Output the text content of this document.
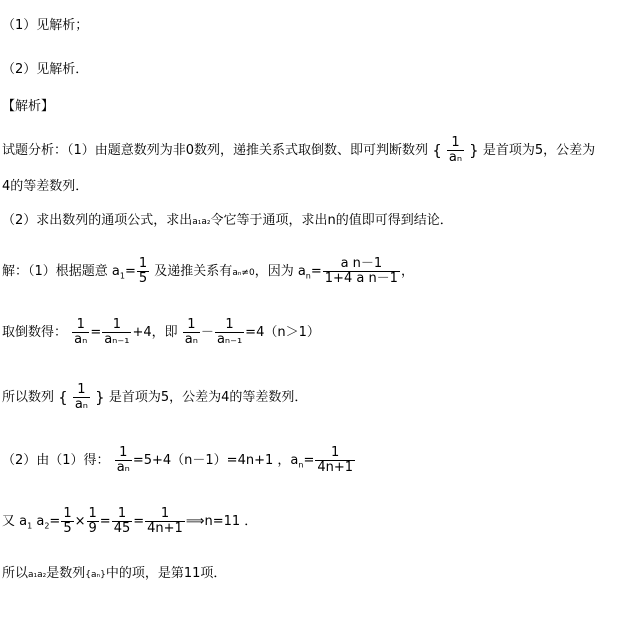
（1）见解析；
（2）见解析．
【解析】
试题分析：（1）由题意数列为非0数列，递推关系式取倒数、即可判断数列 { $\frac{1}{\text{aₙ}}$ } 是首项为5，公差为
4的等差数列．
（2）求出数列的通项公式，求出a₁a₂令它等于通项，求出n的值即可得到结论．
解：（1）根据题意 $a_1= \frac{1}{5}$ 及递推关系有aₙ≠0，因为 $a_n= \frac{\text{a n－1}}{\text{1+4 a n－1}}$ ，
取倒数得： $\frac{1}{\text{aₙ}} = \frac{1}{\text{aₙ₋₁}} +4$，即 $\frac{1}{\text{aₙ}} - \frac{1}{\text{aₙ₋₁}} =4(n>1)$
所以数列 { $\frac{1}{\text{aₙ}}$ } 是首项为5，公差为4的等差数列．
（2）由（1）得： $\frac{1}{\text{aₙ}} =5+4(n-1)=4n+1$ ，$a_n= \frac{1}{4n+1}$
又 $a_1$ $a_2= \frac{1}{5} \times \frac{1}{9} = \frac{1}{45} = \frac{1}{4n+1}$ ⟹n=11 ．
所以a₁a₂是数列{aₙ}中的项，是第11项．
